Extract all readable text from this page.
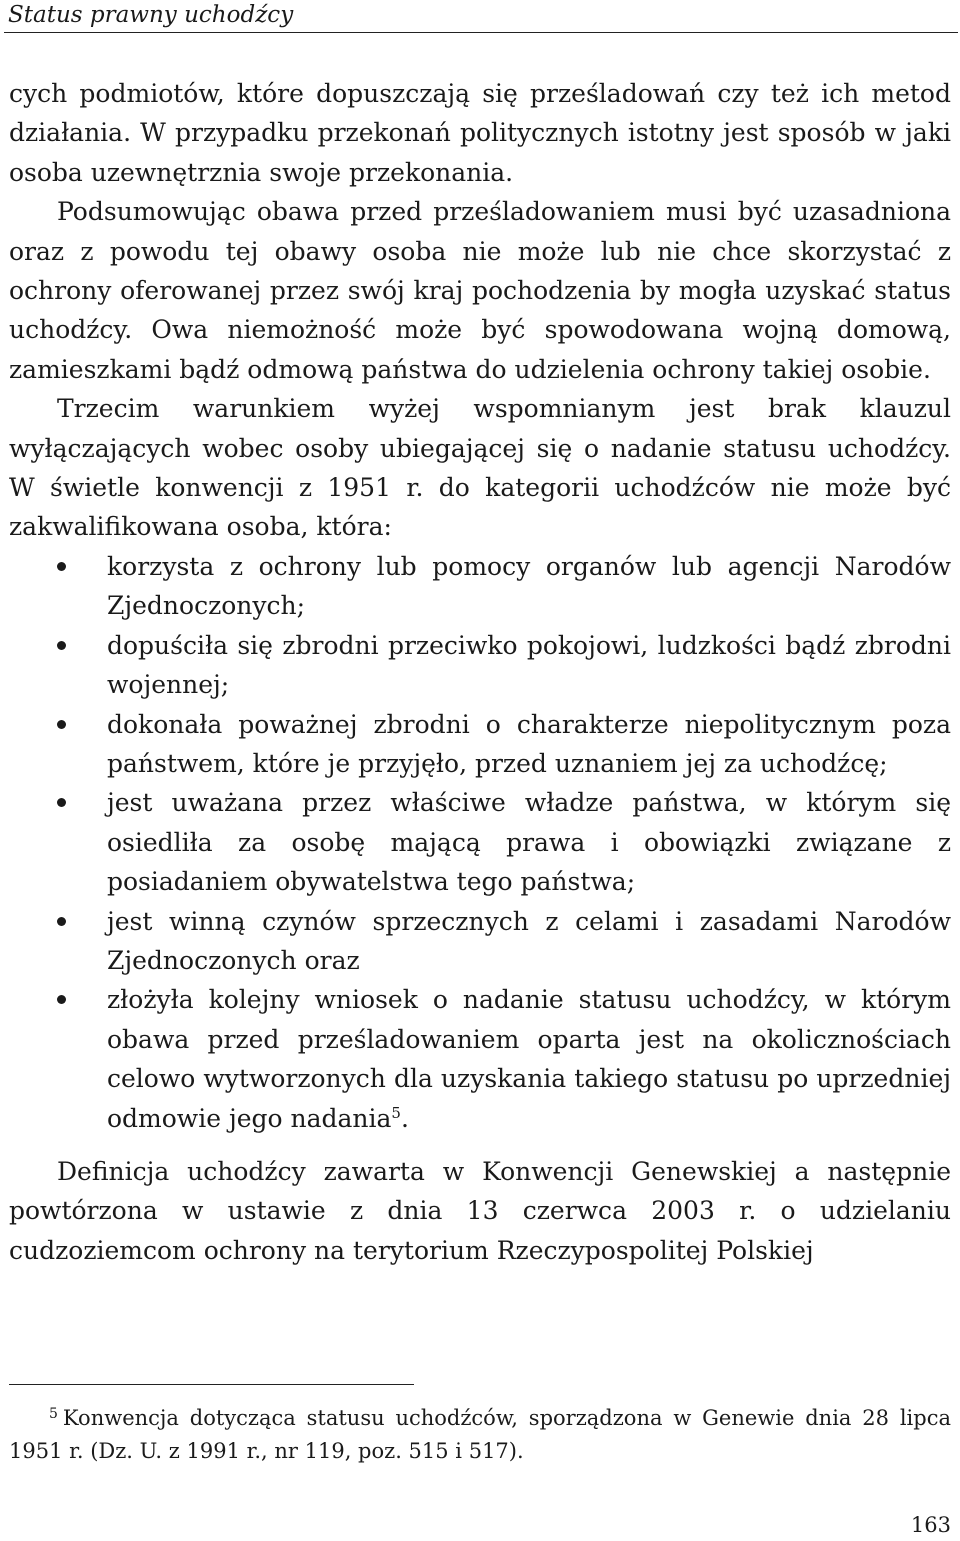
Status prawny uchodźcy

cych podmiotów, które dopuszczają się prześladowań czy też ich metod działania. W przypadku przekonań politycznych istotny jest sposób w jaki osoba uzewnętrznia swoje przekonania.

Podsumowując obawa przed prześladowaniem musi być uzasadniona oraz z powodu tej obawy osoba nie może lub nie chce skorzystać z ochrony oferowanej przez swój kraj pochodzenia by mogła uzyskać status uchodźcy. Owa niemożność może być spowodowana wojną domową, zamieszkami bądź odmową państwa do udzielenia ochrony takiej osobie.

Trzecim warunkiem wyżej wspomnianym jest brak klauzul wyłączających wobec osoby ubiegającej się o nadanie statusu uchodźcy. W świetle konwencji z 1951 r. do kategorii uchodźców nie może być zakwalifikowana osoba, która:

korzysta z ochrony lub pomocy organów lub agencji Narodów Zjednoczonych;
dopuściła się zbrodni przeciwko pokojowi, ludzkości bądź zbrodni wojennej;
dokonała poważnej zbrodni o charakterze niepolitycznym poza państwem, które je przyjęło, przed uznaniem jej za uchodźcę;
jest uważana przez właściwe władze państwa, w którym się osiedliła za osobę mającą prawa i obowiązki związane z posiadaniem obywatelstwa tego państwa;
jest winną czynów sprzecznych z celami i zasadami Narodów Zjednoczonych oraz
złożyła kolejny wniosek o nadanie statusu uchodźcy, w którym obawa przed prześladowaniem oparta jest na okolicznościach celowo wytworzonych dla uzyskania takiego statusu po uprzedniej odmowie jego nadania$^5$.

Definicja uchodźcy zawarta w Konwencji Genewskiej a następnie powtórzona w ustawie z dnia 13 czerwca 2003 r. o udzielaniu cudzoziemcom ochrony na terytorium Rzeczypospolitej Polskiej

5 Konwencja dotycząca statusu uchodźców, sporządzona w Genewie dnia 28 lipca 1951 r. (Dz. U. z 1991 r., nr 119, poz. 515 i 517).
163
